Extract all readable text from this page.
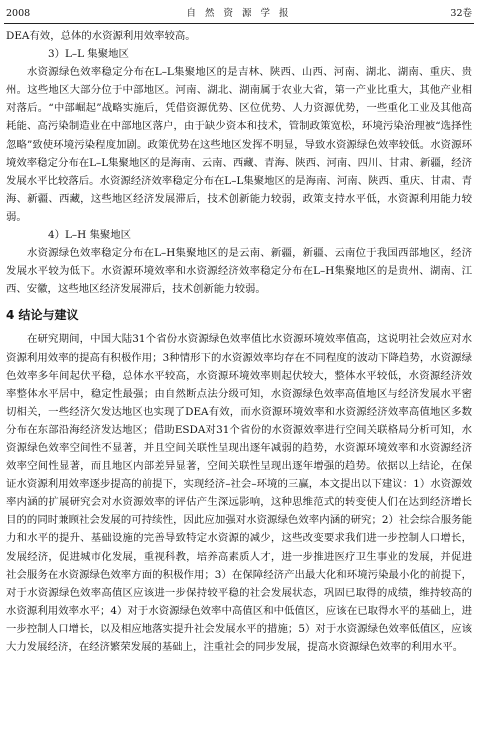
2008	自 然 资 源 学 报	32卷

DEA有效，总体的水资源利用效率较高。

3）L–L 集聚地区

水资源绿色效率稳定分布在L–L集聚地区的是吉林、陕西、山西、河南、湖北、湖南、重庆、贵州。这些地区大部分位于中部地区。河南、湖北、湖南属于农业大省，第一产业比重大，其他产业相对落后。“中部崛起”战略实施后，凭借资源优势、区位优势、人力资源优势，一些重化工业及其他高耗能、高污染制造业在中部地区落户，由于缺少资本和技术，管制政策宽松，环境污染治理被“选择性忽略”致使环境污染程度加剧。政策优势在这些地区发挥不明显，导致水资源绿色效率较低。水资源环境效率稳定分布在L–L集聚地区的是海南、云南、西藏、青海、陕西、河南、四川、甘肃、新疆，经济发展水平比较落后。水资源经济效率稳定分布在L–L集聚地区的是海南、河南、陕西、重庆、甘肃、青海、新疆、西藏，这些地区经济发展滞后，技术创新能力较弱，政策支持水平低，水资源利用能力较弱。

4）L–H 集聚地区

水资源绿色效率稳定分布在L–H集聚地区的是云南、新疆，新疆、云南位于我国西部地区，经济发展水平较为低下。水资源环境效率和水资源经济效率稳定分布在L–H集聚地区的是贵州、湖南、江西、安徽，这些地区经济发展滞后，技术创新能力较弱。

4 结论与建议

在研究期间，中国大陆31个省份水资源绿色效率值比水资源环境效率值高，这说明社会效应对水资源利用效率的提高有积极作用；3种情形下的水资源效率均存在不同程度的波动下降趋势，水资源绿色效率多年间起伏平稳，总体水平较高，水资源环境效率则起伏较大，整体水平较低，水资源经济效率整体水平居中，稳定性最强；由自然断点法分级可知，水资源绿色效率高值地区与经济发展水平密切相关，一些经济欠发达地区也实现了DEA有效，而水资源环境效率和水资源经济效率高值地区多数分布在东部沿海经济发达地区；借助ESDA对31个省份的水资源效率进行空间关联格局分析可知，水资源绿色效率空间性不显著，并且空间关联性呈现出逐年减弱的趋势，水资源环境效率和水资源经济效率空间性显著，而且地区内部差异显著，空间关联性呈现出逐年增强的趋势。依据以上结论，在保证水资源利用效率逐步提高的前提下，实现经济–社会–环境的三赢，本文提出以下建议：1）水资源效率内涵的扩展研究会对水资源效率的评估产生深远影响，这种思维范式的转变使人们在达到经济增长目的的同时兼顾社会发展的可持续性，因此应加强对水资源绿色效率内涵的研究；2）社会综合服务能力和水平的提升、基础设施的完善导致特定水资源的减少，这些改变要求我们进一步控制人口增长，发展经济，促进城市化发展，重视科教，培养高素质人才，进一步推进医疗卫生事业的发展，并促进社会服务在水资源绿色效率方面的积极作用；3）在保障经济产出最大化和环境污染最小化的前提下，对于水资源绿色效率高值区应该进一步保持较平稳的社会发展状态，巩固已取得的成绩，维持较高的水资源利用效率水平；4）对于水资源绿色效率中高值区和中低值区，应该在已取得水平的基础上，进一步控制人口增长，以及相应地落实提升社会发展水平的措施；5）对于水资源绿色效率低值区，应该大力发展经济，在经济繁荣发展的基础上，注重社会的同步发展，提高水资源绿色效率的利用水平。
